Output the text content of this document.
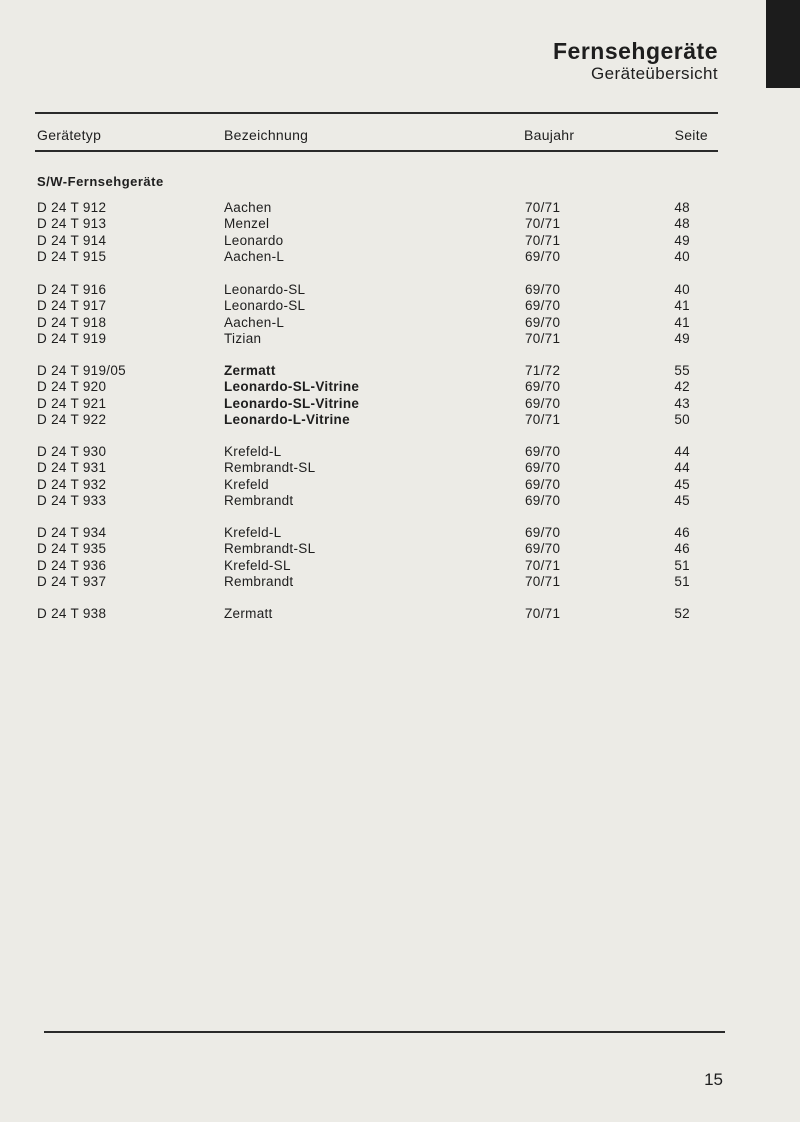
Fernsehgeräte
Geräteübersicht
Gerätetyp	Bezeichnung	Baujahr	Seite
S/W-Fernsehgeräte
D 24 T 912	Aachen	70/71	48
D 24 T 913	Menzel	70/71	48
D 24 T 914	Leonardo	70/71	49
D 24 T 915	Aachen-L	69/70	40
D 24 T 916	Leonardo-SL	69/70	40
D 24 T 917	Leonardo-SL	69/70	41
D 24 T 918	Aachen-L	69/70	41
D 24 T 919	Tizian	70/71	49
D 24 T 919/05	Zermatt	71/72	55
D 24 T 920	Leonardo-SL-Vitrine	69/70	42
D 24 T 921	Leonardo-SL-Vitrine	69/70	43
D 24 T 922	Leonardo-L-Vitrine	70/71	50
D 24 T 930	Krefeld-L	69/70	44
D 24 T 931	Rembrandt-SL	69/70	44
D 24 T 932	Krefeld	69/70	45
D 24 T 933	Rembrandt	69/70	45
D 24 T 934	Krefeld-L	69/70	46
D 24 T 935	Rembrandt-SL	69/70	46
D 24 T 936	Krefeld-SL	70/71	51
D 24 T 937	Rembrandt	70/71	51
D 24 T 938	Zermatt	70/71	52
15
